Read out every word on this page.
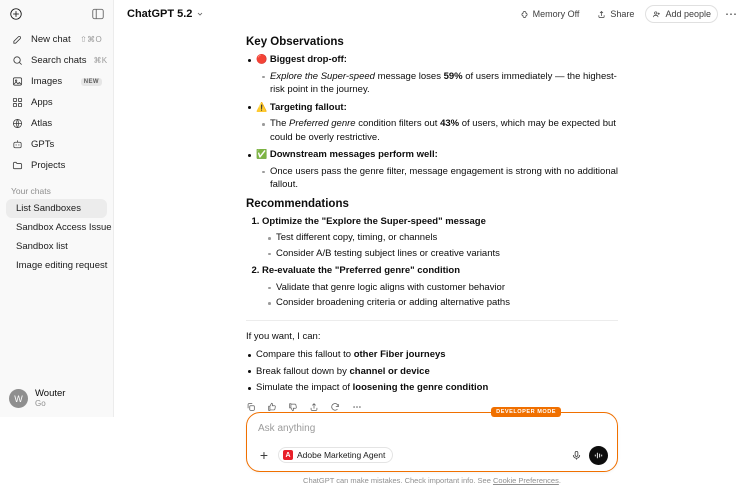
New chat	⇧⌘O
Search chats ⌘K
Images	NEW
Apps
Atlas
GPTs
Projects
Your chats
List Sandboxes
Sandbox Access Issue
Sandbox list
Image editing request
W	Wouter
Go
ChatGPT 5.2	Memory Off	Share	Add people ⋯
Key Observations
🔴 Biggest drop-off:
Explore the Super-speed message loses 59% of users immediately — the highest-risk point in the journey.
⚠️ Targeting fallout:
The Preferred genre condition filters out 43% of users, which may be expected but could be overly restrictive.
✅ Downstream messages perform well:
Once users pass the genre filter, message engagement is strong with no additional fallout.
Recommendations
1. Optimize the "Explore the Super-speed" message
Test different copy, timing, or channels
Consider A/B testing subject lines or creative variants
2. Re-evaluate the "Preferred genre" condition
Validate that genre logic aligns with customer behavior
Consider broadening criteria or adding alternative paths

If you want, I can:

Compare this fallout to other Fiber journeys
Break fallout down by channel or device
Simulate the impact of loosening the genre condition
DEVELOPER MODE
Ask anything
+	A Adobe Marketing Agent
ChatGPT can make mistakes. Check important info. See Cookie Preferences.
